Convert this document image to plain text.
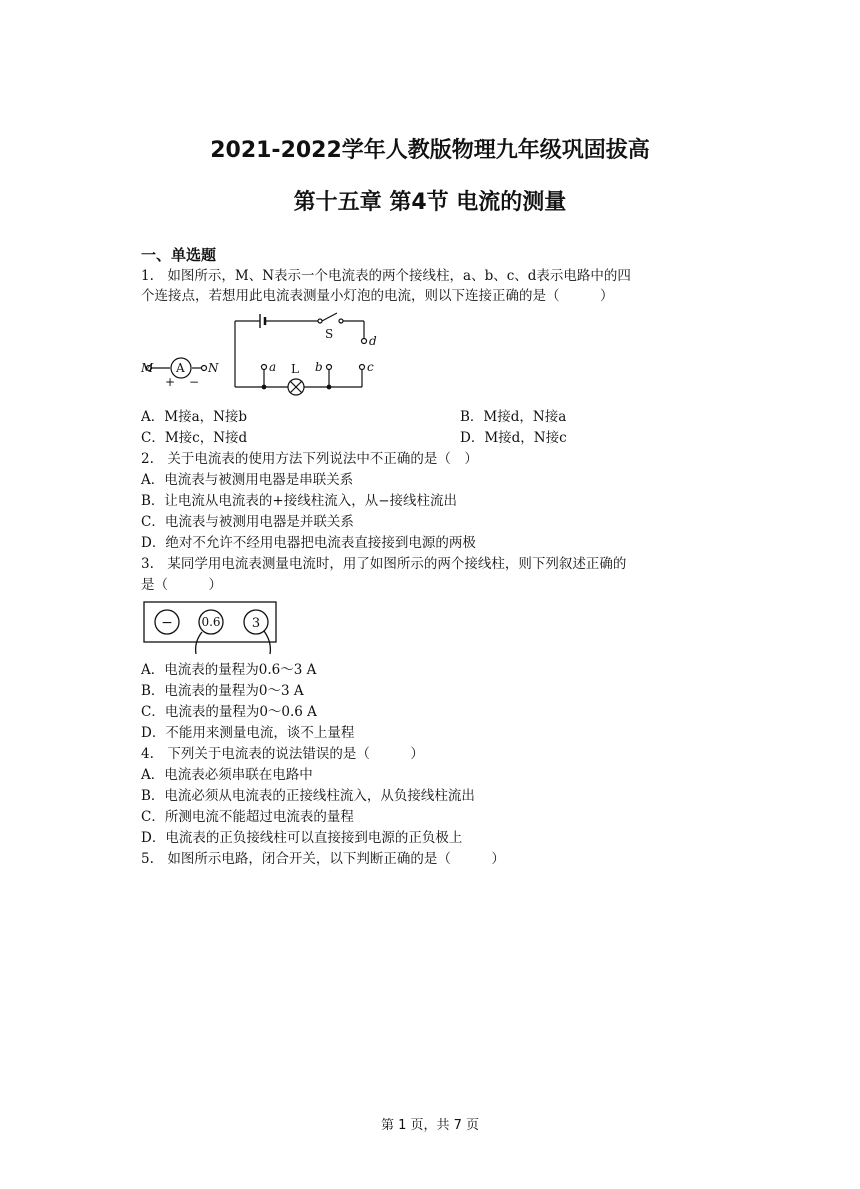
2021-2022学年人教版物理九年级巩固拔高
第十五章 第4节 电流的测量
一、单选题
1.　如图所示，M、N表示一个电流表的两个接线柱，a、b、c、d表示电路中的四
个连接点，若想用此电流表测量小灯泡的电流，则以下连接正确的是（　　　）
M A N
+ −
S	d
a L b	c
A．M接a，N接b	B．M接d，N接a
C．M接c，N接d	D．M接d，N接c
2.　关于电流表的使用方法下列说法中不正确的是（　）
A．电流表与被测用电器是串联关系
B．让电流从电流表的+接线柱流入，从−接线柱流出
C．电流表与被测用电器是并联关系
D．绝对不允许不经用电器把电流表直接接到电源的两极
3.　某同学用电流表测量电流时，用了如图所示的两个接线柱，则下列叙述正确的
是（　　　）
− 0.6 3
A．电流表的量程为0.6～3 A
B．电流表的量程为0～3 A
C．电流表的量程为0～0.6 A
D．不能用来测量电流，谈不上量程
4.　下列关于电流表的说法错误的是（　　　）
A．电流表必须串联在电路中
B．电流必须从电流表的正接线柱流入，从负接线柱流出
C．所测电流不能超过电流表的量程
D．电流表的正负接线柱可以直接接到电源的正负极上
5.　如图所示电路，闭合开关，以下判断正确的是（　　　）
第 1 页，共 7 页
